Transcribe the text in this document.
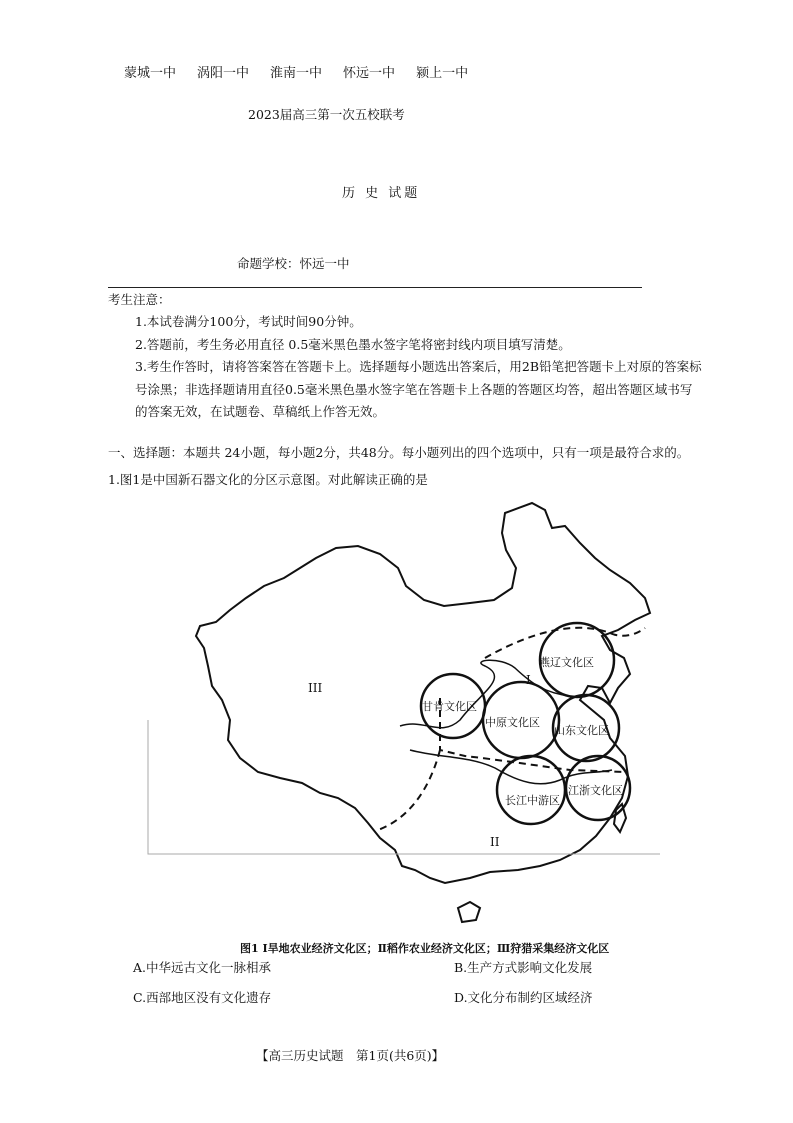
蒙城一中 涡阳一中 淮南一中 怀远一中 颍上一中
2023届高三第一次五校联考
历 史 试题
命题学校：怀远一中
考生注意：
1.本试卷满分100分，考试时间90分钟。
2.答题前，考生务必用直径 0.5毫米黑色墨水签字笔将密封线内项目填写清楚。
3.考生作答时，请将答案答在答题卡上。选择题每小题选出答案后，用2B铅笔把答题卡上对原的答案标
号涂黑；非选择题请用直径0.5毫米黑色墨水签字笔在答题卡上各题的答题区均答，超出答题区域书写
的答案无效，在试题卷、草稿纸上作答无效。
一、选择题：本题共 24小题，每小题2分，共48分。每小题列出的四个选项中，只有一项是最符合求的。
1.图1是中国新石器文化的分区示意图。对此解读正确的是
燕辽文化区
甘肯文化区
中原文化区
山东文化区
长江中游区
江浙文化区
I
II
III
图1 Ⅰ旱地农业经济文化区；Ⅱ稻作农业经济文化区；Ⅲ狩猎采集经济文化区
A.中华远古文化一脉相承	B.生产方式影响文化发展
C.西部地区没有文化遗存	D.文化分布制约区域经济
【高三历史试题　第1页(共6页)】
